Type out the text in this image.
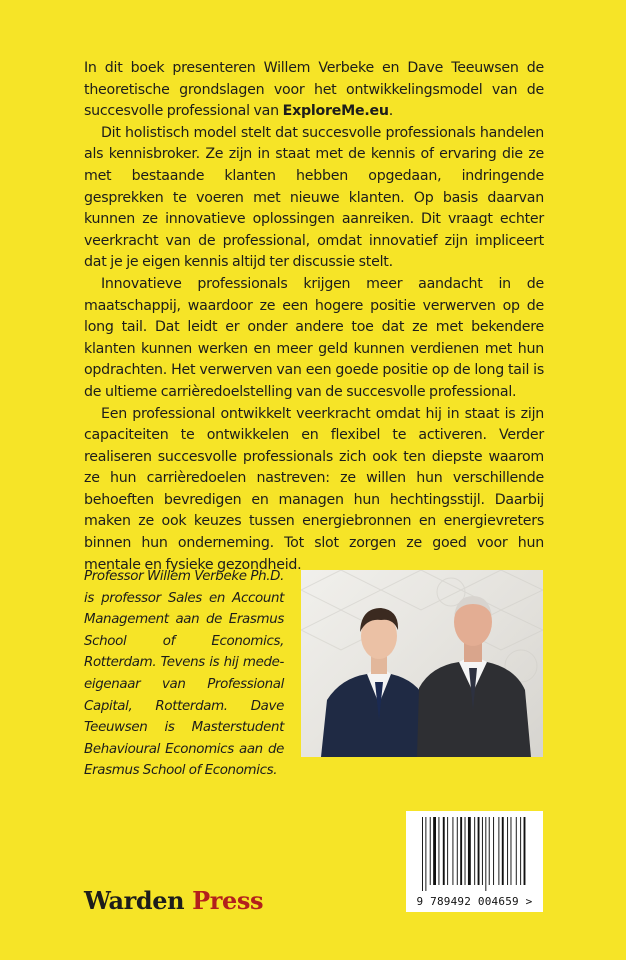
In dit boek presenteren Willem Verbeke en Dave Teeuwsen de theoretische grondslagen voor het ontwikkelingsmodel van de succesvolle professional van ExploreMe.eu.

Dit holistisch model stelt dat succesvolle professionals handelen als kennisbroker. Ze zijn in staat met de kennis of ervaring die ze met bestaande klanten hebben opgedaan, indringende gesprekken te voeren met nieuwe klanten. Op basis daarvan kunnen ze innovatieve oplossingen aanreiken. Dit vraagt echter veerkracht van de professional, omdat innovatief zijn impliceert dat je je eigen kennis altijd ter discussie stelt.

Innovatieve professionals krijgen meer aandacht in de maatschappij, waardoor ze een hogere positie verwerven op de long tail. Dat leidt er onder andere toe dat ze met bekendere klanten kunnen werken en meer geld kunnen verdienen met hun opdrachten. Het verwerven van een goede positie op de long tail is de ultieme carrièredoelstelling van de succesvolle professional.

Een professional ontwikkelt veerkracht omdat hij in staat is zijn capaciteiten te ontwikkelen en flexibel te activeren. Verder realiseren succesvolle professionals zich ook ten diepste waarom ze hun carrièredoelen nastreven: ze willen hun verschillende behoeften bevredigen en managen hun hechtingsstijl. Daarbij maken ze ook keuzes tussen energiebronnen en energievreters binnen hun onderneming. Tot slot zorgen ze goed voor hun mentale en fysieke gezondheid.

Professor Willem Verbeke Ph.D. is professor Sales en Account Management aan de Erasmus School of Economics, Rotterdam. Tevens is hij mede-eigenaar van Professional Capital, Rotterdam. Dave Teeuwsen is Masterstudent Behavioural Economics aan de Erasmus School of Economics.

9 789492 004659 >
Warden Press
